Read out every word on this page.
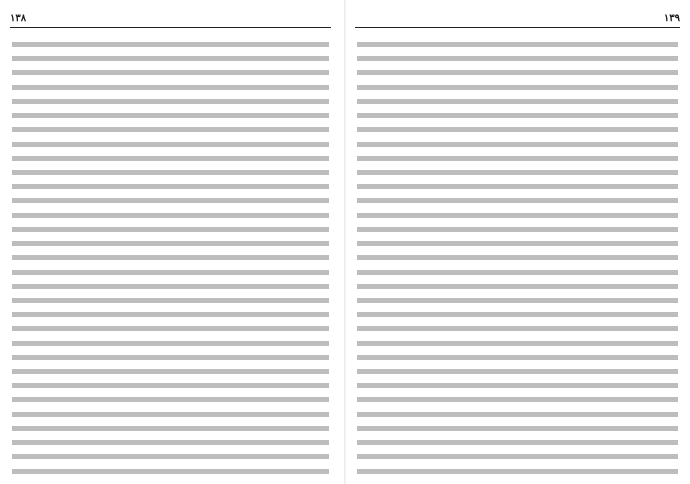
۱۳۸	۱۳۹
